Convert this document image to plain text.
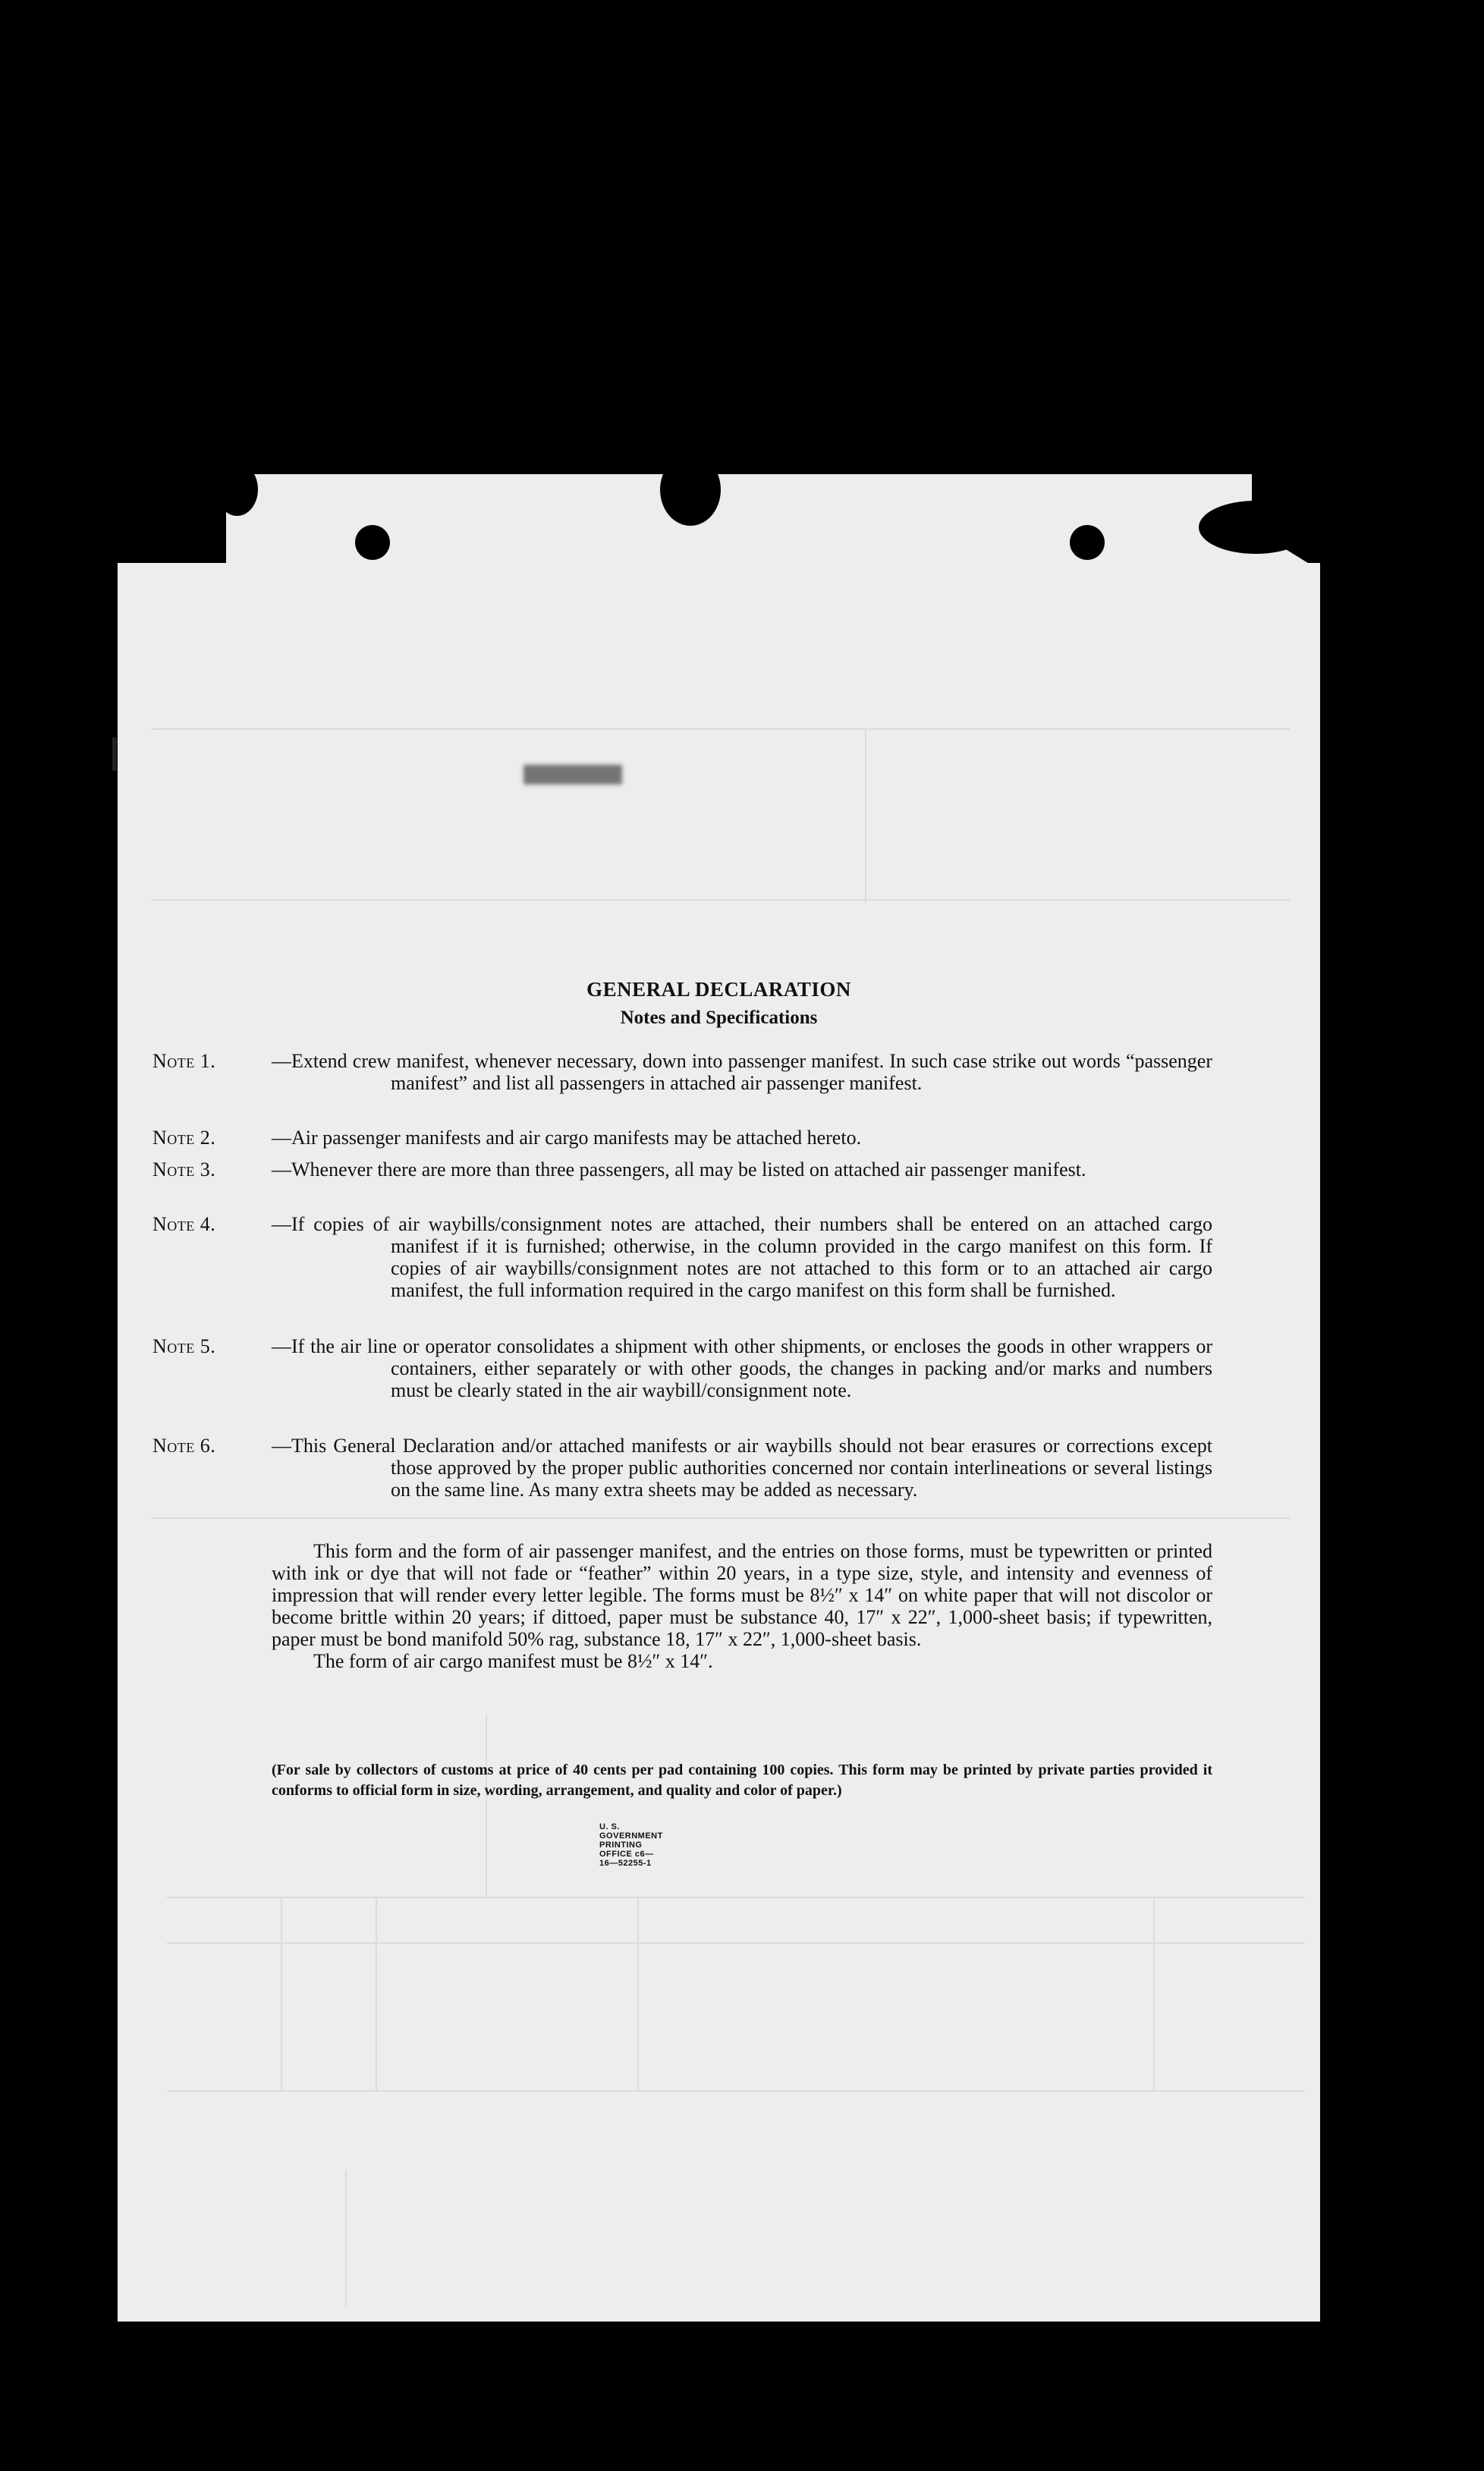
GENERAL DECLARATION
Notes and Specifications
—Extend crew manifest, whenever necessary, down into passenger manifest. In such case strike out words “passenger manifest” and list all passengers in attached air passenger manifest.
—Air passenger manifests and air cargo manifests may be attached hereto.
—Whenever there are more than three passengers, all may be listed on attached air passenger manifest.
—If copies of air waybills/consignment notes are attached, their numbers shall be entered on an attached cargo manifest if it is furnished; otherwise, in the column provided in the cargo manifest on this form. If copies of air waybills/consignment notes are not attached to this form or to an attached air cargo manifest, the full information required in the cargo manifest on this form shall be furnished.
—If the air line or operator consolidates a shipment with other shipments, or encloses the goods in other wrappers or containers, either separately or with other goods, the changes in packing and/or marks and numbers must be clearly stated in the air waybill/consignment note.
—This General Declaration and/or attached manifests or air waybills should not bear erasures or corrections except those approved by the proper public authorities concerned nor contain interlineations or several listings on the same line. As many extra sheets may be added as necessary.

This form and the form of air passenger manifest, and the entries on those forms, must be typewritten or printed with ink or dye that will not fade or “feather” within 20 years, in a type size, style, and intensity and evenness of impression that will render every letter legible. The forms must be 8½″ x 14″ on white paper that will not discolor or become brittle within 20 years; if dittoed, paper must be substance 40, 17″ x 22″, 1,000-sheet basis; if typewritten, paper must be bond manifold 50% rag, substance 18, 17″ x 22″, 1,000-sheet basis.

The form of air cargo manifest must be 8½″ x 14″.

(For sale by collectors of customs at price of 40 cents per pad containing 100 copies. This form may be printed by private parties provided it conforms to official form in size, wording, arrangement, and quality and color of paper.)
U. S. GOVERNMENT PRINTING OFFICE c6—16—52255-1
